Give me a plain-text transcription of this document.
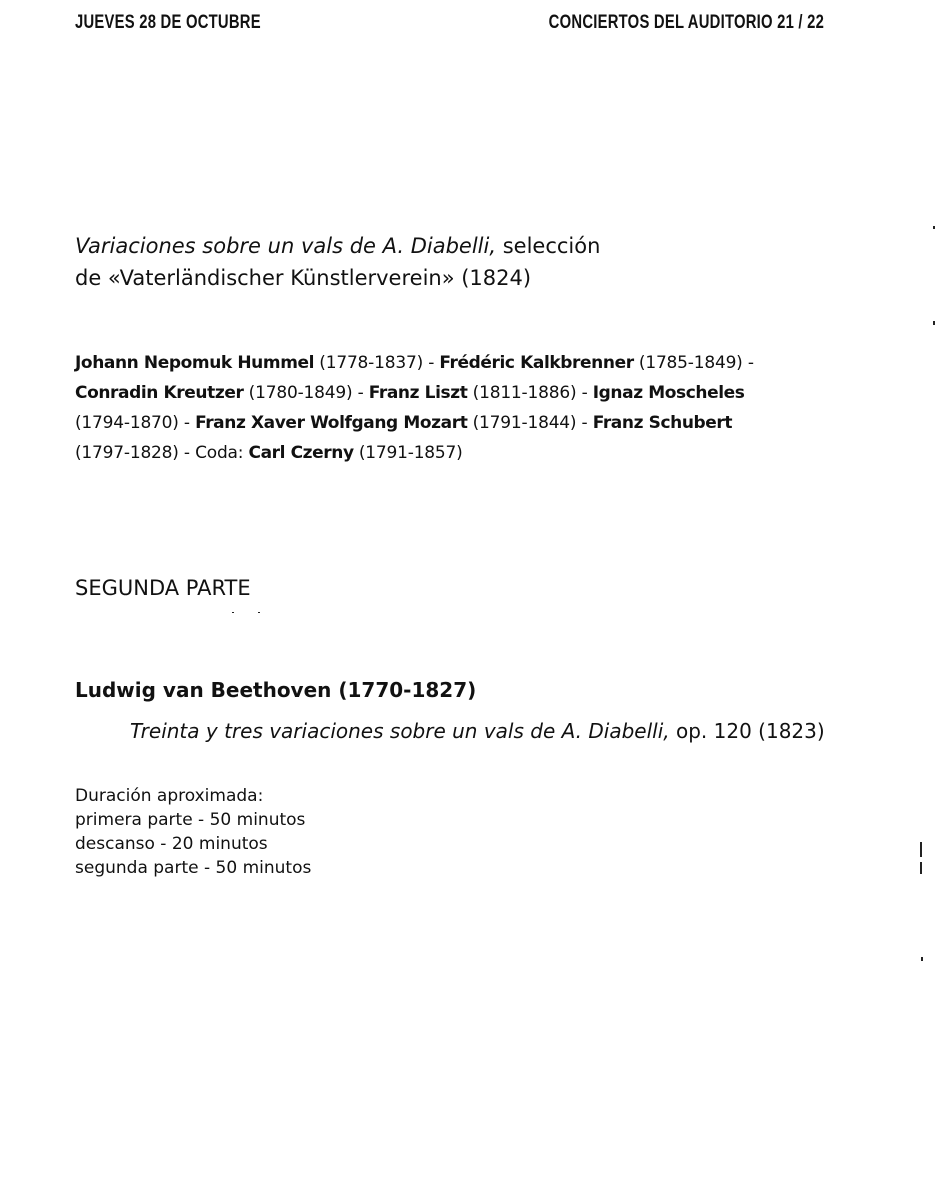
JUEVES 28 DE OCTUBRE	CONCIERTOS DEL AUDITORIO 21 / 22
Variaciones sobre un vals de A. Diabelli, selección
de «Vaterländischer Künstlerverein» (1824)
Johann Nepomuk Hummel (1778-1837) - Frédéric Kalkbrenner (1785-1849) -
Conradin Kreutzer (1780-1849) - Franz Liszt (1811-1886) - Ignaz Moscheles
(1794-1870) - Franz Xaver Wolfgang Mozart (1791-1844) - Franz Schubert
(1797-1828) - Coda: Carl Czerny (1791-1857)
SEGUNDA PARTE
Ludwig van Beethoven (1770-1827)
Treinta y tres variaciones sobre un vals de A. Diabelli, op. 120 (1823)
Duración aproximada:
primera parte - 50 minutos
descanso - 20 minutos
segunda parte - 50 minutos
